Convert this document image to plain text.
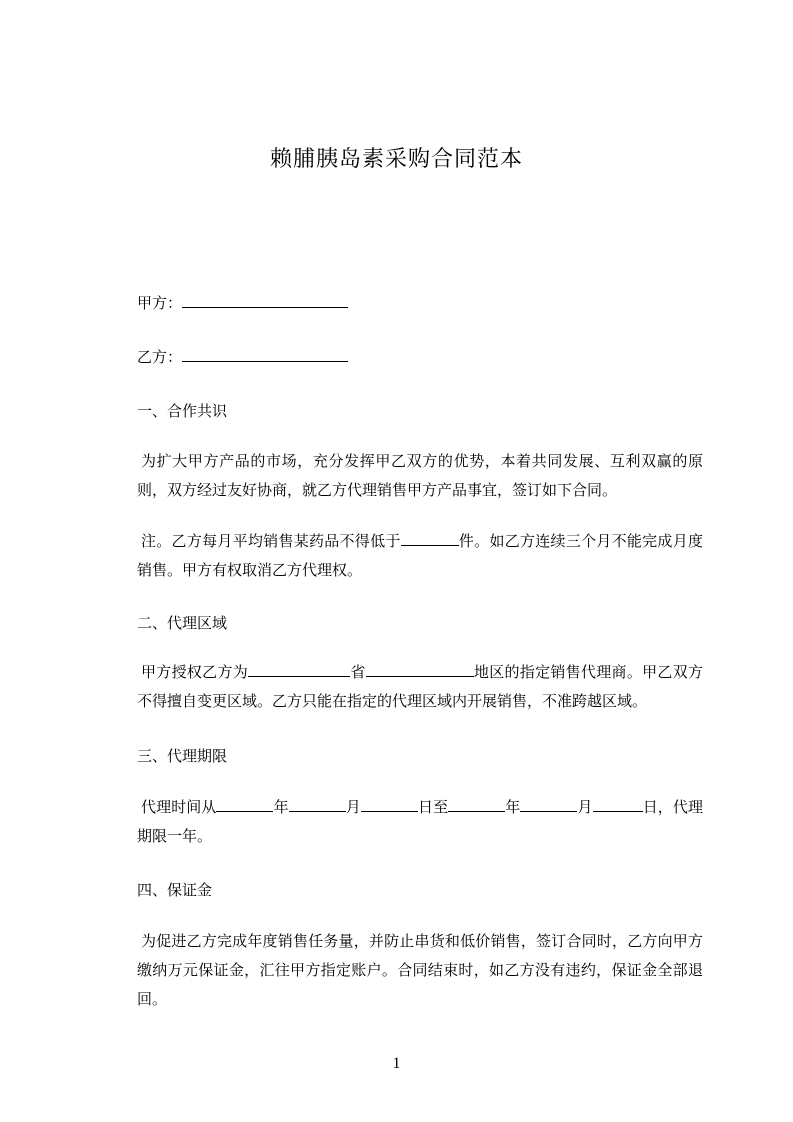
赖脯胰岛素采购合同范本
甲方：
乙方：
一、合作共识
为扩大甲方产品的市场，充分发挥甲乙双方的优势，本着共同发展、互利双赢的原则，双方经过友好协商，就乙方代理销售甲方产品事宜，签订如下合同。
注。乙方每月平均销售某药品不得低于	件。如乙方连续三个月不能完成月度销售。甲方有权取消乙方代理权。
二、代理区域
甲方授权乙方为	省	地区的指定销售代理商。甲乙双方不得擅自变更区域。乙方只能在指定的代理区域内开展销售，不准跨越区域。
三、代理期限
代理时间从	年	月	日至	年	月	日，代理期限一年。
四、保证金
为促进乙方完成年度销售任务量，并防止串货和低价销售，签订合同时，乙方向甲方缴纳万元保证金，汇往甲方指定账户。合同结束时，如乙方没有违约，保证金全部退回。
1
